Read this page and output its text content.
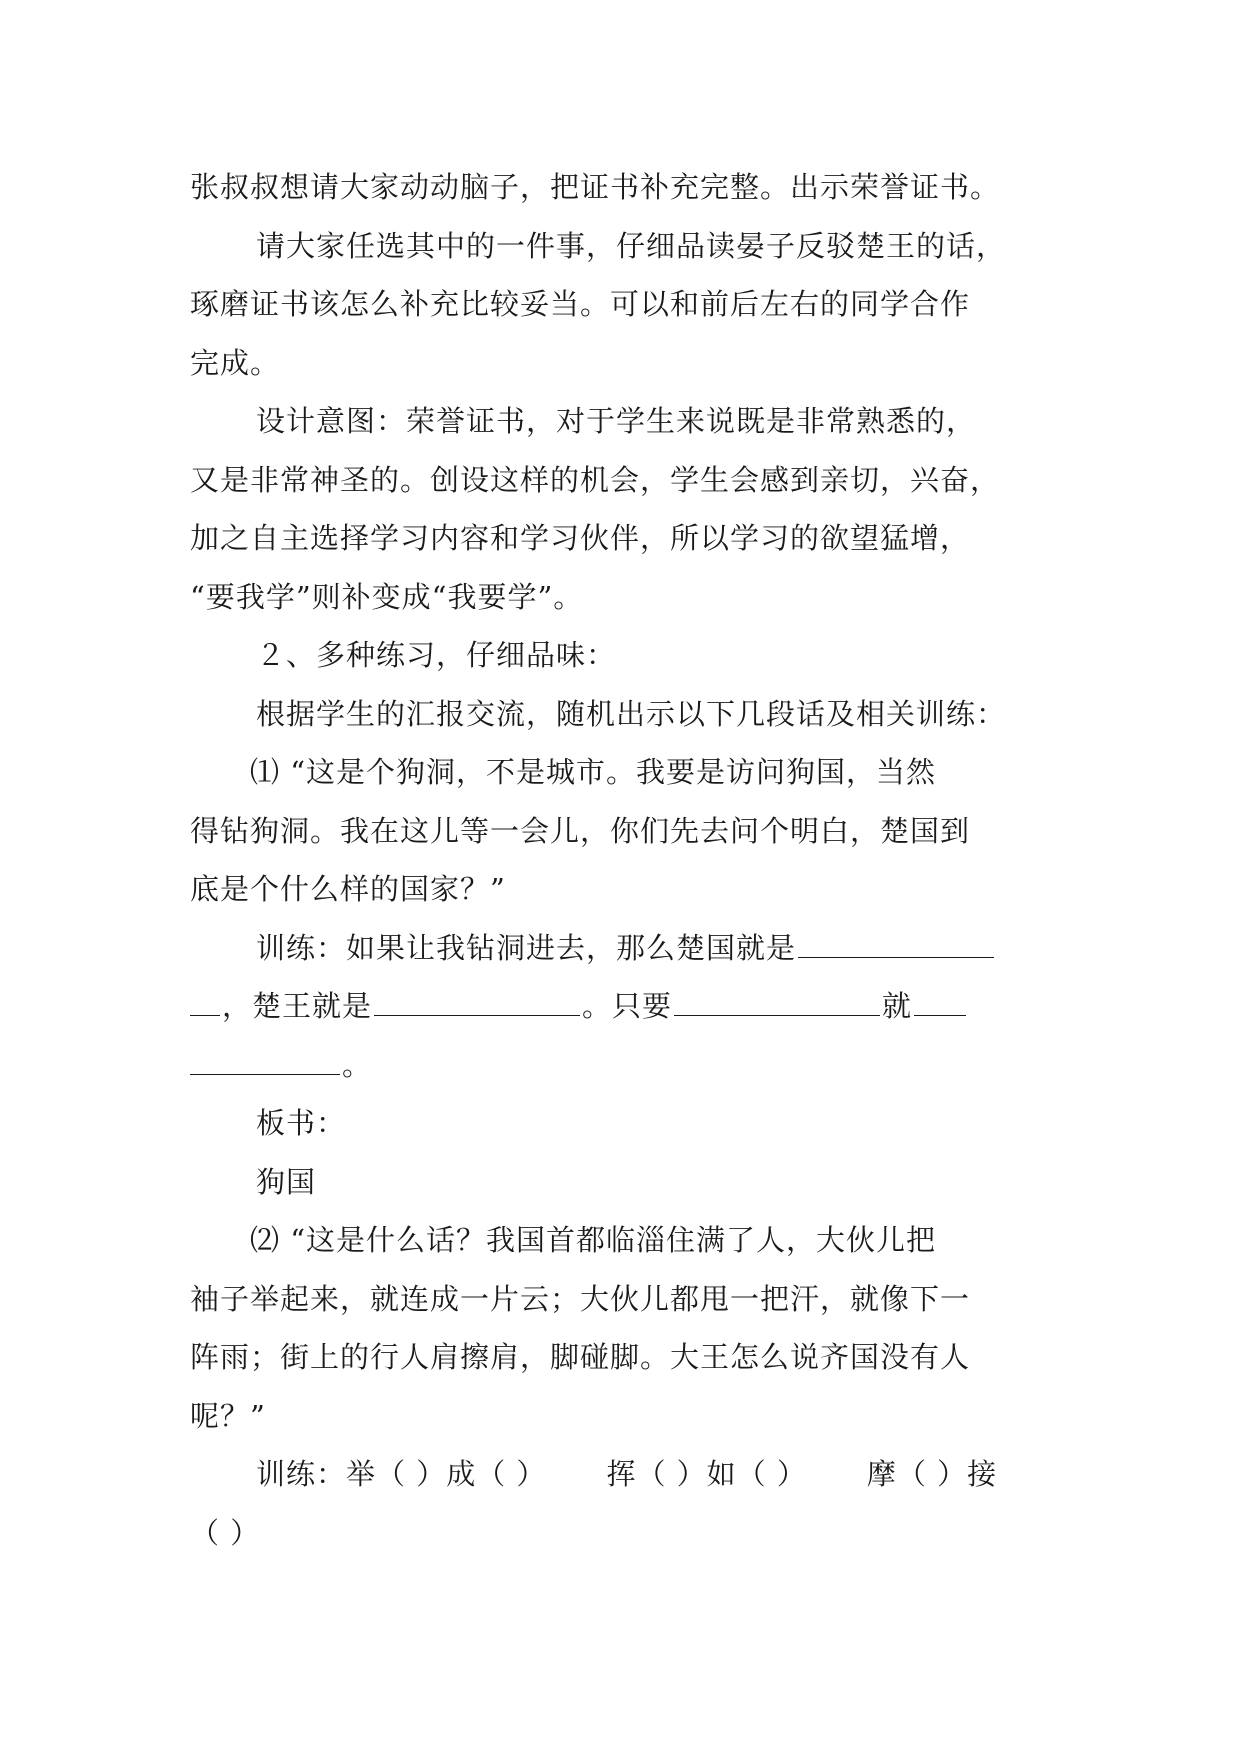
张叔叔想请大家动动脑子，把证书补充完整。出示荣誉证书。
请大家任选其中的一件事，仔细品读晏子反驳楚王的话，
琢磨证书该怎么补充比较妥当。可以和前后左右的同学合作
完成。
设计意图：荣誉证书，对于学生来说既是非常熟悉的，
又是非常神圣的。创设这样的机会，学生会感到亲切，兴奋，
加之自主选择学习内容和学习伙伴，所以学习的欲望猛增，
“要我学”则补变成“我要学”。
２、多种练习，仔细品味：
根据学生的汇报交流，随机出示以下几段话及相关训练：
⑴ “这是个狗洞，不是城市。我要是访问狗国，当然
得钻狗洞。我在这儿等一会儿，你们先去问个明白，楚国到
底是个什么样的国家？”
训练：如果让我钻洞进去，那么楚国就是
，楚王就是	。只要	就
。
板书：
狗国
⑵ “这是什么话？我国首都临淄住满了人，大伙儿把
袖子举起来，就连成一片云；大伙儿都甩一把汗，就像下一
阵雨；街上的行人肩擦肩，脚碰脚。大王怎么说齐国没有人
呢？”
训练：举（ ）成（ ） 挥（ ）如（ ） 摩（ ）接
（ ）
